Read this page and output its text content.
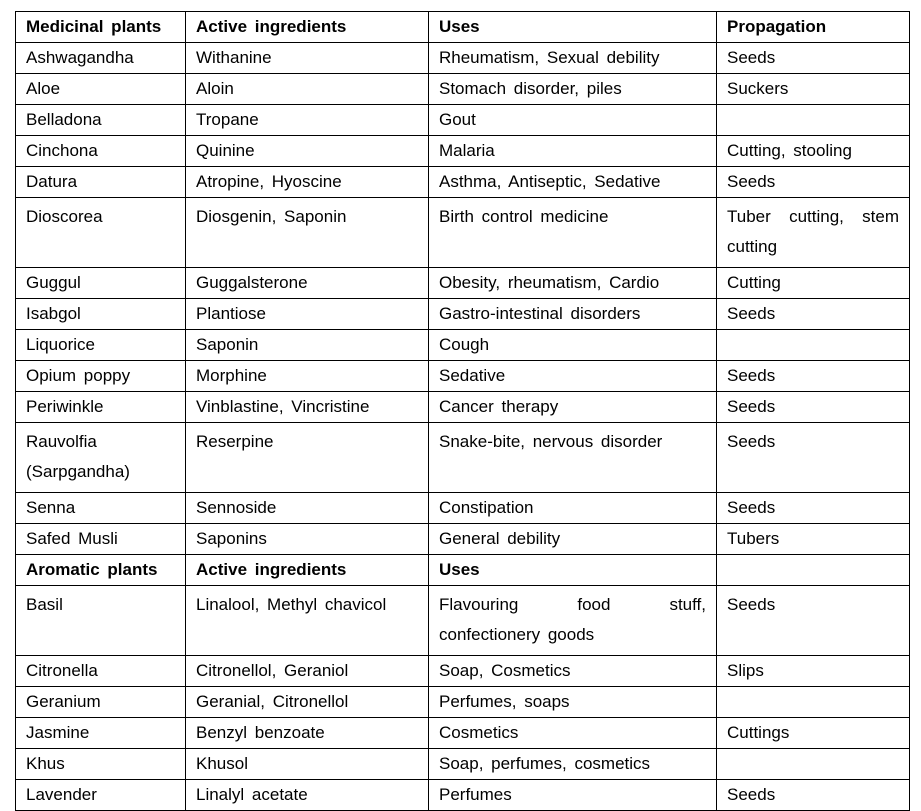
Medicinal plants	Active ingredients	Uses	Propagation
Ashwagandha	Withanine	Rheumatism, Sexual debility	Seeds
Aloe	Aloin	Stomach disorder, piles	Suckers
Belladona	Tropane	Gout	
Cinchona	Quinine	Malaria	Cutting, stooling
Datura	Atropine, Hyoscine	Asthma, Antiseptic, Sedative	Seeds
Dioscorea	Diosgenin, Saponin	Birth control medicine	Tuber cutting, stem cutting
Guggul	Guggalsterone	Obesity, rheumatism, Cardio	Cutting
Isabgol	Plantiose	Gastro-intestinal disorders	Seeds
Liquorice	Saponin	Cough	
Opium poppy	Morphine	Sedative	Seeds
Periwinkle	Vinblastine, Vincristine	Cancer therapy	Seeds
Rauvolfia (Sarpgandha)	Reserpine	Snake-bite, nervous disorder	Seeds
Senna	Sennoside	Constipation	Seeds
Safed Musli	Saponins	General debility	Tubers
Aromatic plants	Active ingredients	Uses	
Basil	Linalool, Methyl chavicol	Flavouring food stuff, confectionery goods	Seeds
Citronella	Citronellol, Geraniol	Soap, Cosmetics	Slips
Geranium	Geranial, Citronellol	Perfumes, soaps	
Jasmine	Benzyl benzoate	Cosmetics	Cuttings
Khus	Khusol	Soap, perfumes, cosmetics	
Lavender	Linalyl acetate	Perfumes	Seeds
